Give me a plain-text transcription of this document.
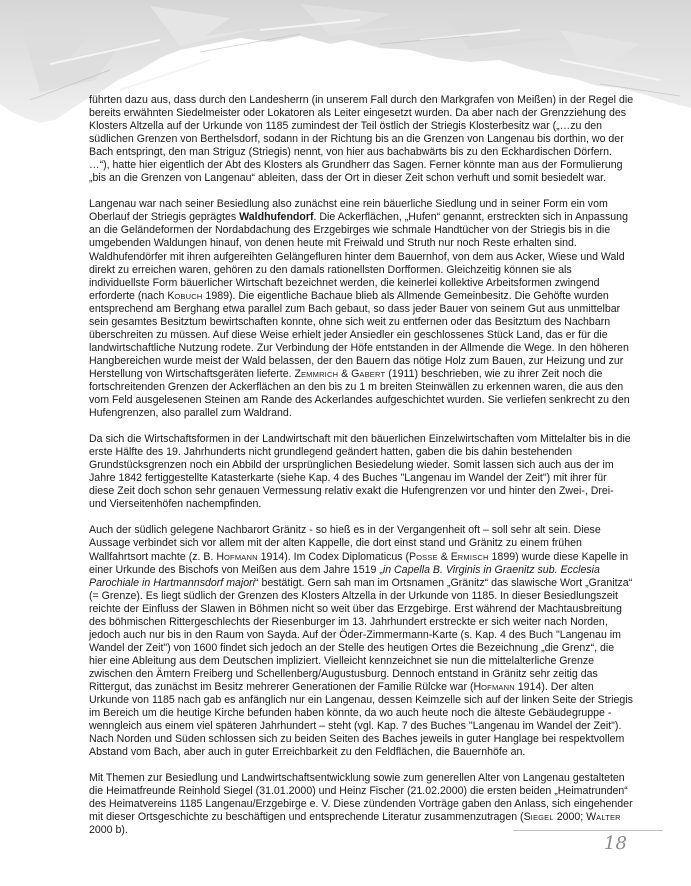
führten dazu aus, dass durch den Landesherrn (in unserem Fall durch den Markgrafen von Meißen) in der Regel die bereits erwähnten Siedelmeister oder Lokatoren als Leiter eingesetzt wurden. Da aber nach der Grenzziehung des Klosters Altzella auf der Urkunde von 1185 zumindest der Teil östlich der Striegis Klosterbesitz war („…zu den südlichen Grenzen von Berthelsdorf, sodann in der Richtung bis an die Grenzen von Langenau bis dorthin, wo der Bach entspringt, den man Striguz (Striegis) nennt, von hier aus bachabwärts bis zu den Eckhardischen Dörfern. …“), hatte hier eigentlich der Abt des Klosters als Grundherr das Sagen. Ferner könnte man aus der Formulierung „bis an die Grenzen von Langenau“ ableiten, dass der Ort in dieser Zeit schon verhuft und somit besiedelt war.

Langenau war nach seiner Besiedlung also zunächst eine rein bäuerliche Siedlung und in seiner Form ein vom Oberlauf der Striegis geprägtes Waldhufendorf. Die Ackerflächen, „Hufen“ genannt, erstreckten sich in Anpassung an die Geländeformen der Nordabdachung des Erzgebirges wie schmale Handtücher von der Striegis bis in die umgebenden Waldungen hinauf, von denen heute mit Freiwald und Struth nur noch Reste erhalten sind. Waldhufendörfer mit ihren aufgereihten Gelängefluren hinter dem Bauernhof, von dem aus Acker, Wiese und Wald direkt zu erreichen waren, gehören zu den damals rationellsten Dorfformen. Gleichzeitig können sie als individuellste Form bäuerlicher Wirtschaft bezeichnet werden, die keinerlei kollektive Arbeitsformen zwingend erforderte (nach KOBUCH 1989). Die eigentliche Bachaue blieb als Allmende Gemeinbesitz. Die Gehöfte wurden entsprechend am Berghang etwa parallel zum Bach gebaut, so dass jeder Bauer von seinem Gut aus unmittelbar sein gesamtes Besitztum bewirtschaften konnte, ohne sich weit zu entfernen oder das Besitztum des Nachbarn überschreiten zu müssen. Auf diese Weise erhielt jeder Ansiedler ein geschlossenes Stück Land, das er für die landwirtschaftliche Nutzung rodete. Zur Verbindung der Höfe entstanden in der Allmende die Wege. In den höheren Hangbereichen wurde meist der Wald belassen, der den Bauern das nötige Holz zum Bauen, zur Heizung und zur Herstellung von Wirtschaftsgeräten lieferte. ZEMMRICH & GABERT (1911) beschrieben, wie zu ihrer Zeit noch die fortschreitenden Grenzen der Ackerflächen an den bis zu 1 m breiten Steinwällen zu erkennen waren, die aus den vom Feld ausgelesenen Steinen am Rande des Ackerlandes aufgeschichtet wurden. Sie verliefen senkrecht zu den Hufengrenzen, also parallel zum Waldrand.

Da sich die Wirtschaftsformen in der Landwirtschaft mit den bäuerlichen Einzelwirtschaften vom Mittelalter bis in die erste Hälfte des 19. Jahrhunderts nicht grundlegend geändert hatten, gaben die bis dahin bestehenden Grundstücksgrenzen noch ein Abbild der ursprünglichen Besiedelung wieder. Somit lassen sich auch aus der im Jahre 1842 fertiggestellte Katasterkarte (siehe Kap. 4 des Buches "Langenau im Wandel der Zeit") mit ihrer für diese Zeit doch schon sehr genauen Vermessung relativ exakt die Hufengrenzen vor und hinter den Zwei-, Drei- und Vierseitenhöfen nachempfinden.

Auch der südlich gelegene Nachbarort Gränitz - so hieß es in der Vergangenheit oft – soll sehr alt sein. Diese Aussage verbindet sich vor allem mit der alten Kappelle, die dort einst stand und Gränitz zu einem frühen Wallfahrtsort machte (z. B. HOFMANN 1914). Im Codex Diplomaticus (POSSE & ERMISCH 1899) wurde diese Kapelle in einer Urkunde des Bischofs von Meißen aus dem Jahre 1519 „in Capella B. Virginis in Graenitz sub. Ecclesia Parochiale in Hartmannsdorf majori“ bestätigt. Gern sah man im Ortsnamen „Gränitz“ das slawische Wort „Granitza“ (= Grenze). Es liegt südlich der Grenzen des Klosters Altzella in der Urkunde von 1185. In dieser Besiedlungszeit reichte der Einfluss der Slawen in Böhmen nicht so weit über das Erzgebirge. Erst während der Machtausbreitung des böhmischen Rittergeschlechts der Riesenburger im 13. Jahrhundert erstreckte er sich weiter nach Norden, jedoch auch nur bis in den Raum von Sayda. Auf der Öder-Zimmermann-Karte (s. Kap. 4 des Buch "Langenau im Wandel der Zeit") von 1600 findet sich jedoch an der Stelle des heutigen Ortes die Bezeichnung „die Grenz“, die hier eine Ableitung aus dem Deutschen impliziert. Vielleicht kennzeichnet sie nun die mittelalterliche Grenze zwischen den Ämtern Freiberg und Schellenberg/Augustusburg. Dennoch entstand in Gränitz sehr zeitig das Rittergut, das zunächst im Besitz mehrerer Generationen der Familie Rülcke war (HOFMANN 1914). Der alten Urkunde von 1185 nach gab es anfänglich nur ein Langenau, dessen Keimzelle sich auf der linken Seite der Striegis im Bereich um die heutige Kirche befunden haben könnte, da wo auch heute noch die älteste Gebäudegruppe - wenngleich aus einem viel späteren Jahrhundert – steht (vgl. Kap. 7 des Buches "Langenau im Wandel der Zeit"). Nach Norden und Süden schlossen sich zu beiden Seiten des Baches jeweils in guter Hanglage bei respektvollem Abstand vom Bach, aber auch in guter Erreichbarkeit zu den Feldflächen, die Bauernhöfe an.

Mit Themen zur Besiedlung und Landwirtschaftsentwicklung sowie zum generellen Alter von Langenau gestalteten die Heimatfreunde Reinhold Siegel (31.01.2000) und Heinz Fischer (21.02.2000) die ersten beiden „Heimatrunden“ des Heimatvereins 1185 Langenau/Erzgebirge e. V. Diese zündenden Vorträge gaben den Anlass, sich eingehender mit dieser Ortsgeschichte zu beschäftigen und entsprechende Literatur zusammenzutragen (SIEGEL 2000; WALTER 2000 b).

18
